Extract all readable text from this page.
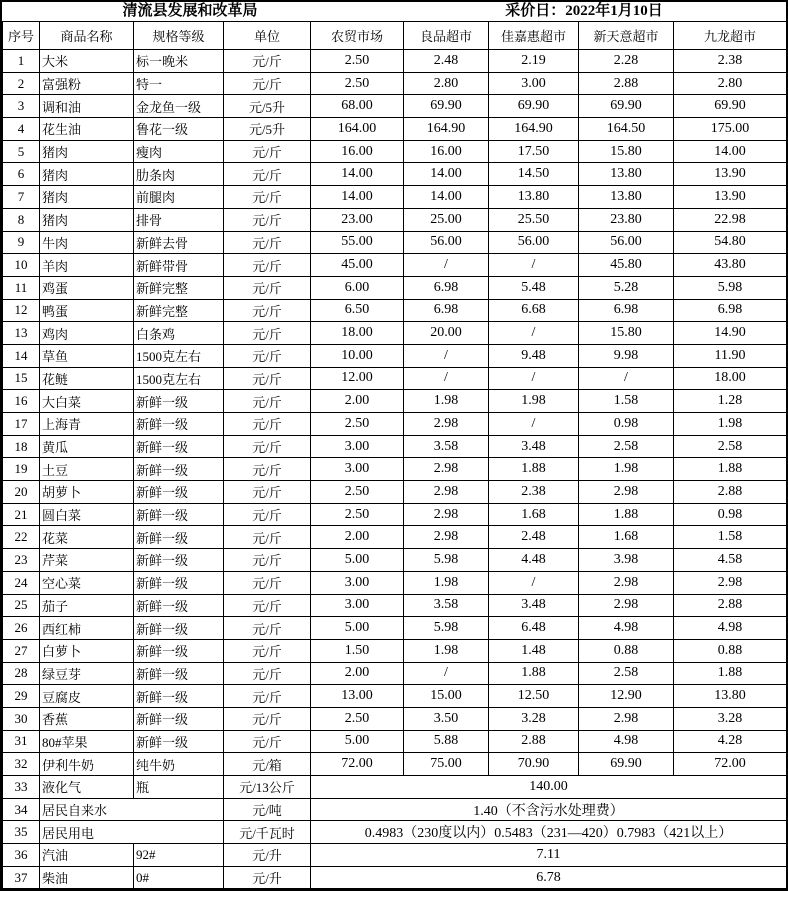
清流县发展和改革局	采价日：2022年1月10日
序号	商品名称	规格等级	单位	农贸市场	良品超市	佳嘉惠超市	新天意超市	九龙超市
1	大米	标一晚米	元/斤	2.50	2.48	2.19	2.28	2.38
2	富强粉	特一	元/斤	2.50	2.80	3.00	2.88	2.80
3	调和油	金龙鱼一级	元/5升	68.00	69.90	69.90	69.90	69.90
4	花生油	鲁花一级	元/5升	164.00	164.90	164.90	164.50	175.00
5	猪肉	瘦肉	元/斤	16.00	16.00	17.50	15.80	14.00
6	猪肉	肋条肉	元/斤	14.00	14.00	14.50	13.80	13.90
7	猪肉	前腿肉	元/斤	14.00	14.00	13.80	13.80	13.90
8	猪肉	排骨	元/斤	23.00	25.00	25.50	23.80	22.98
9	牛肉	新鲜去骨	元/斤	55.00	56.00	56.00	56.00	54.80
10	羊肉	新鲜带骨	元/斤	45.00	/	/	45.80	43.80
11	鸡蛋	新鲜完整	元/斤	6.00	6.98	5.48	5.28	5.98
12	鸭蛋	新鲜完整	元/斤	6.50	6.98	6.68	6.98	6.98
13	鸡肉	白条鸡	元/斤	18.00	20.00	/	15.80	14.90
14	草鱼	1500克左右	元/斤	10.00	/	9.48	9.98	11.90
15	花鲢	1500克左右	元/斤	12.00	/	/	/	18.00
16	大白菜	新鲜一级	元/斤	2.00	1.98	1.98	1.58	1.28
17	上海青	新鲜一级	元/斤	2.50	2.98	/	0.98	1.98
18	黄瓜	新鲜一级	元/斤	3.00	3.58	3.48	2.58	2.58
19	土豆	新鲜一级	元/斤	3.00	2.98	1.88	1.98	1.88
20	胡萝卜	新鲜一级	元/斤	2.50	2.98	2.38	2.98	2.88
21	圆白菜	新鲜一级	元/斤	2.50	2.98	1.68	1.88	0.98
22	花菜	新鲜一级	元/斤	2.00	2.98	2.48	1.68	1.58
23	芹菜	新鲜一级	元/斤	5.00	5.98	4.48	3.98	4.58
24	空心菜	新鲜一级	元/斤	3.00	1.98	/	2.98	2.98
25	茄子	新鲜一级	元/斤	3.00	3.58	3.48	2.98	2.88
26	西红柿	新鲜一级	元/斤	5.00	5.98	6.48	4.98	4.98
27	白萝卜	新鲜一级	元/斤	1.50	1.98	1.48	0.88	0.88
28	绿豆芽	新鲜一级	元/斤	2.00	/	1.88	2.58	1.88
29	豆腐皮	新鲜一级	元/斤	13.00	15.00	12.50	12.90	13.80
30	香蕉	新鲜一级	元/斤	2.50	3.50	3.28	2.98	3.28
31	80#苹果	新鲜一级	元/斤	5.00	5.88	2.88	4.98	4.28
32	伊利牛奶	纯牛奶	元/箱	72.00	75.00	70.90	69.90	72.00
33	液化气	瓶	元/13公斤	140.00				
34	居民自来水		元/吨	1.40（不含污水处理费）				
35	居民用电		元/千瓦时	0.4983（230度以内）0.5483（231—420）0.7983（421以上）				
36	汽油	92#	元/升	7.11				
37	柴油	0#	元/升	6.78				
